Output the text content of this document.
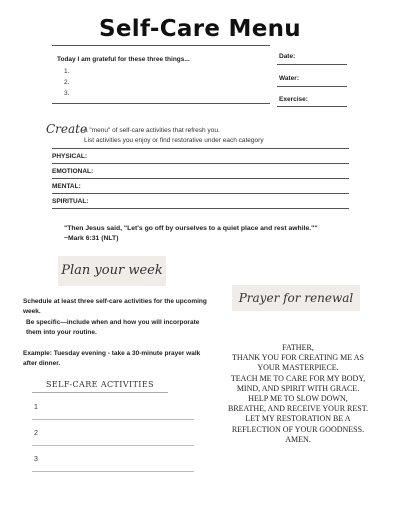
Self-Care Menu
Today I am grateful for these three things...
1.
2.
3.
Date:
Water:
Exercise:
Create
a "menu" of self-care activities that refresh you.
List activities you enjoy or find restorative under each category
PHYSICAL:
EMOTIONAL:
MENTAL:
SPIRITUAL:
"Then Jesus said, "Let's go off by ourselves to a quiet place and rest awhile."" ~Mark 6:31 (NLT)
Plan your week
Schedule at least three self-care activities for the upcoming week.
Be specific—include when and how you will incorporate them into your routine.
Example: Tuesday evening - take a 30-minute prayer walk after dinner.
SELF-CARE ACTIVITIES
1
2
3
Prayer for renewal
FATHER,
THANK YOU FOR CREATING ME AS
YOUR MASTERPIECE.
TEACH ME TO CARE FOR MY BODY,
MIND, AND SPIRIT WITH GRACE.
HELP ME TO SLOW DOWN,
BREATHE, AND RECEIVE YOUR REST.
LET MY RESTORATION BE A
REFLECTION OF YOUR GOODNESS.
AMEN.
